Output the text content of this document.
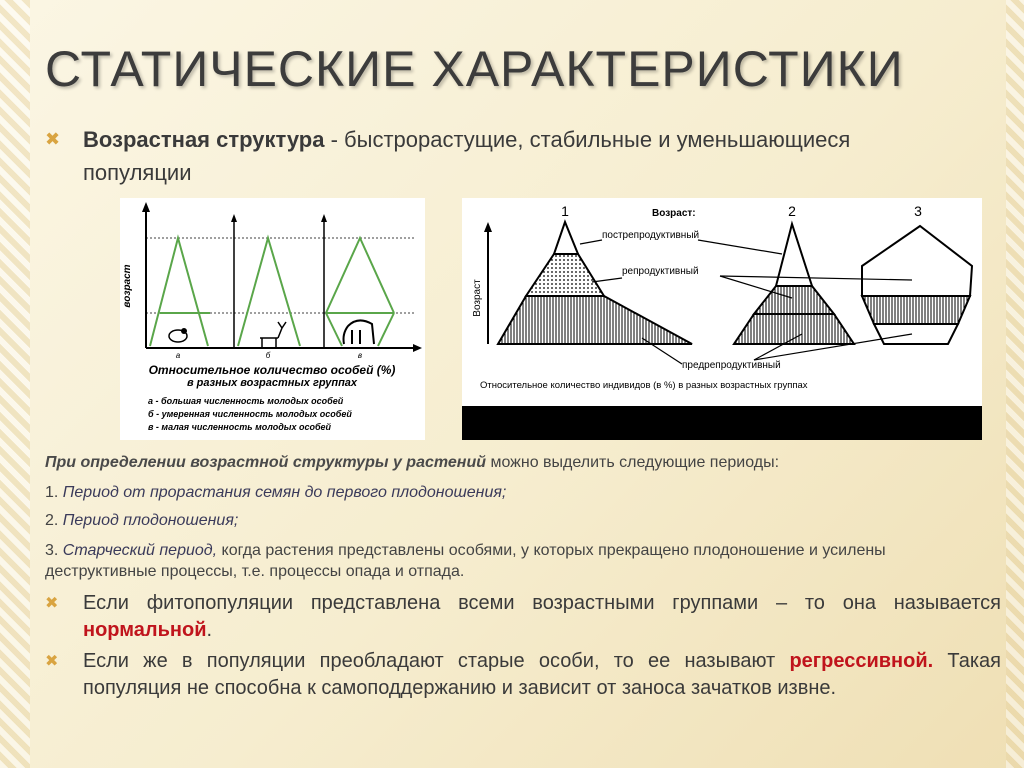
СТАТИЧЕСКИЕ ХАРАКТЕРИСТИКИ
✖ Возрастная структура - быстрорастущие, стабильные и уменьшающиеся популяции
возраст
а	б	в
Относительное количество особей (%)
в разных возрастных группах
а - большая численность молодых особей
б - умеренная численность молодых особей
в - малая численность молодых особей
Возраст
1	2	3
Возраст:
пострепродуктивный
репродуктивный
предрепродуктивный
Относительное количество индивидов (в %) в разных возрастных группах
При определении возрастной структуры у растений можно выделить следующие периоды:
1. Период от прорастания семян до первого плодоношения;
2. Период плодоношения;
3. Старческий период, когда растения представлены особями, у которых прекращено плодоношение и усилены деструктивные процессы, т.е. процессы опада и отпада.
✖ Если фитопопуляции представлена всеми возрастными группами – то она называется нормальной.
✖ Если же в популяции преобладают старые особи, то ее называют регрессивной. Такая популяция не способна к самоподдержанию и зависит от заноса зачатков извне.
